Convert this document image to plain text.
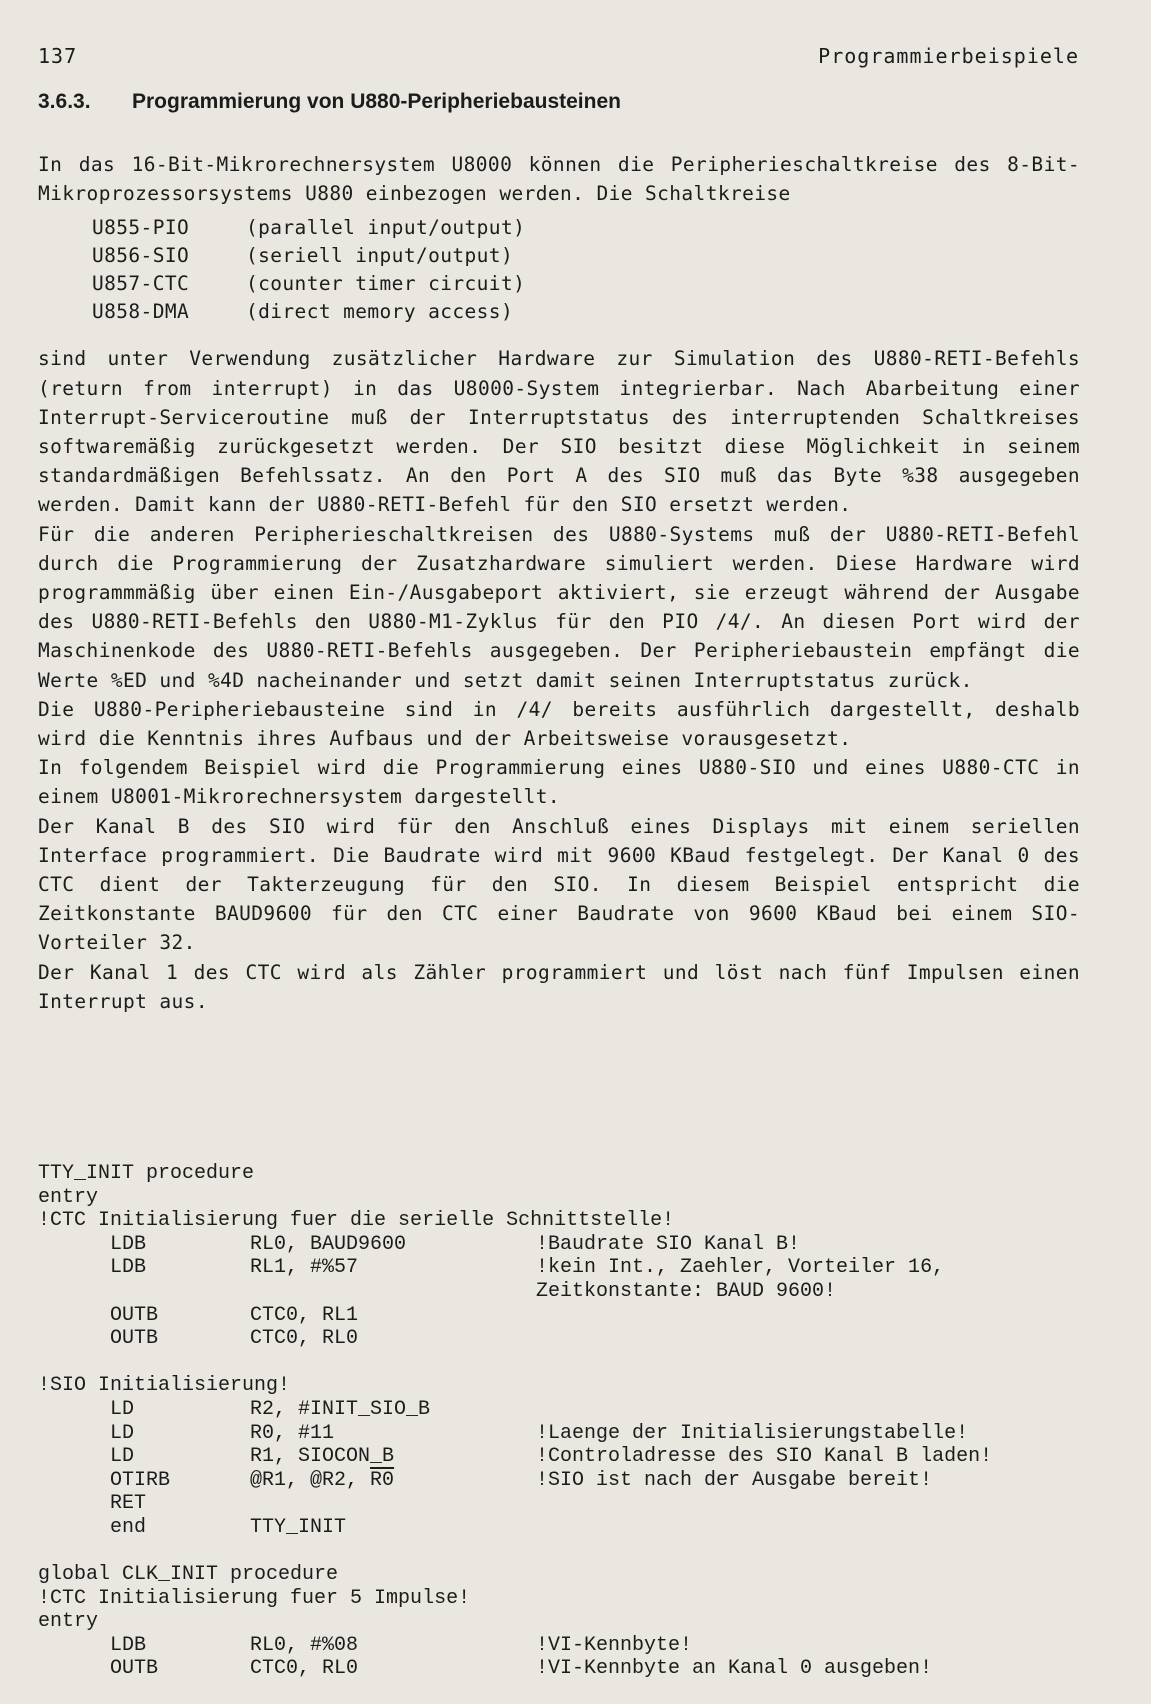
137	Programmierbeispiele
3.6.3. Programmierung von U880-Peripheriebausteinen

In das 16-Bit-Mikrorechnersystem U8000 können die Peripherieschaltkreise des 8-Bit-Mikroprozessorsystems U880 einbezogen werden. Die Schaltkreise

U855-PIO	(parallel input/output)
U856-SIO	(seriell input/output)
U857-CTC	(counter timer circuit)
U858-DMA	(direct memory access)

sind unter Verwendung zusätzlicher Hardware zur Simulation des U880-RETI-Befehls (return from interrupt) in das U8000-System integrierbar. Nach Abarbeitung einer Interrupt-Serviceroutine muß der Interruptstatus des interruptenden Schaltkreises softwaremäßig zurückgesetzt werden. Der SIO besitzt diese Möglichkeit in seinem standardmäßigen Befehlssatz. An den Port A des SIO muß das Byte %38 ausgegeben werden. Damit kann der U880-RETI-Befehl für den SIO ersetzt werden.

Für die anderen Peripherieschaltkreisen des U880-Systems muß der U880-RETI-Befehl durch die Programmierung der Zusatzhardware simuliert werden. Diese Hardware wird programmmäßig über einen Ein-/Ausgabeport aktiviert, sie erzeugt während der Ausgabe des U880-RETI-Befehls den U880-M1-Zyklus für den PIO /4/. An diesen Port wird der Maschinenkode des U880-RETI-Befehls ausgegeben. Der Peripheriebaustein empfängt die Werte %ED und %4D nacheinander und setzt damit seinen Interruptstatus zurück.

Die U880-Peripheriebausteine sind in /4/ bereits ausführlich dargestellt, deshalb wird die Kenntnis ihres Aufbaus und der Arbeitsweise vorausgesetzt.

In folgendem Beispiel wird die Programmierung eines U880-SIO und eines U880-CTC in einem U8001-Mikrorechnersystem dargestellt.

Der Kanal B des SIO wird für den Anschluß eines Displays mit einem seriellen Interface programmiert. Die Baudrate wird mit 9600 KBaud festgelegt. Der Kanal 0 des CTC dient der Takterzeugung für den SIO. In diesem Beispiel entspricht die Zeitkonstante BAUD9600 für den CTC einer Baudrate von 9600 KBaud bei einem SIO-Vorteiler 32.

Der Kanal 1 des CTC wird als Zähler programmiert und löst nach fünf Impulsen einen Interrupt aus.

TTY_INIT procedure
entry
!CTC Initialisierung fuer die serielle Schnittstelle!
LDB	RL0, BAUD9600	!Baudrate SIO Kanal B!
LDB	RL1, #%57	!kein Int., Zaehler, Vorteiler 16,
Zeitkonstante: BAUD 9600!
OUTB	CTC0, RL1
OUTB	CTC0, RL0
!SIO Initialisierung!
LD	R2, #INIT_SIO_B
LD	R0, #11	!Laenge der Initialisierungstabelle!
LD	R1, SIOCON_B	!Controladresse des SIO Kanal B laden!
OTIRB	@R1, @R2, R0	!SIO ist nach der Ausgabe bereit!
RET
end	TTY_INIT
global CLK_INIT procedure
!CTC Initialisierung fuer 5 Impulse!
entry
LDB	RL0, #%08	!VI-Kennbyte!
OUTB	CTC0, RL0	!VI-Kennbyte an Kanal 0 ausgeben!
